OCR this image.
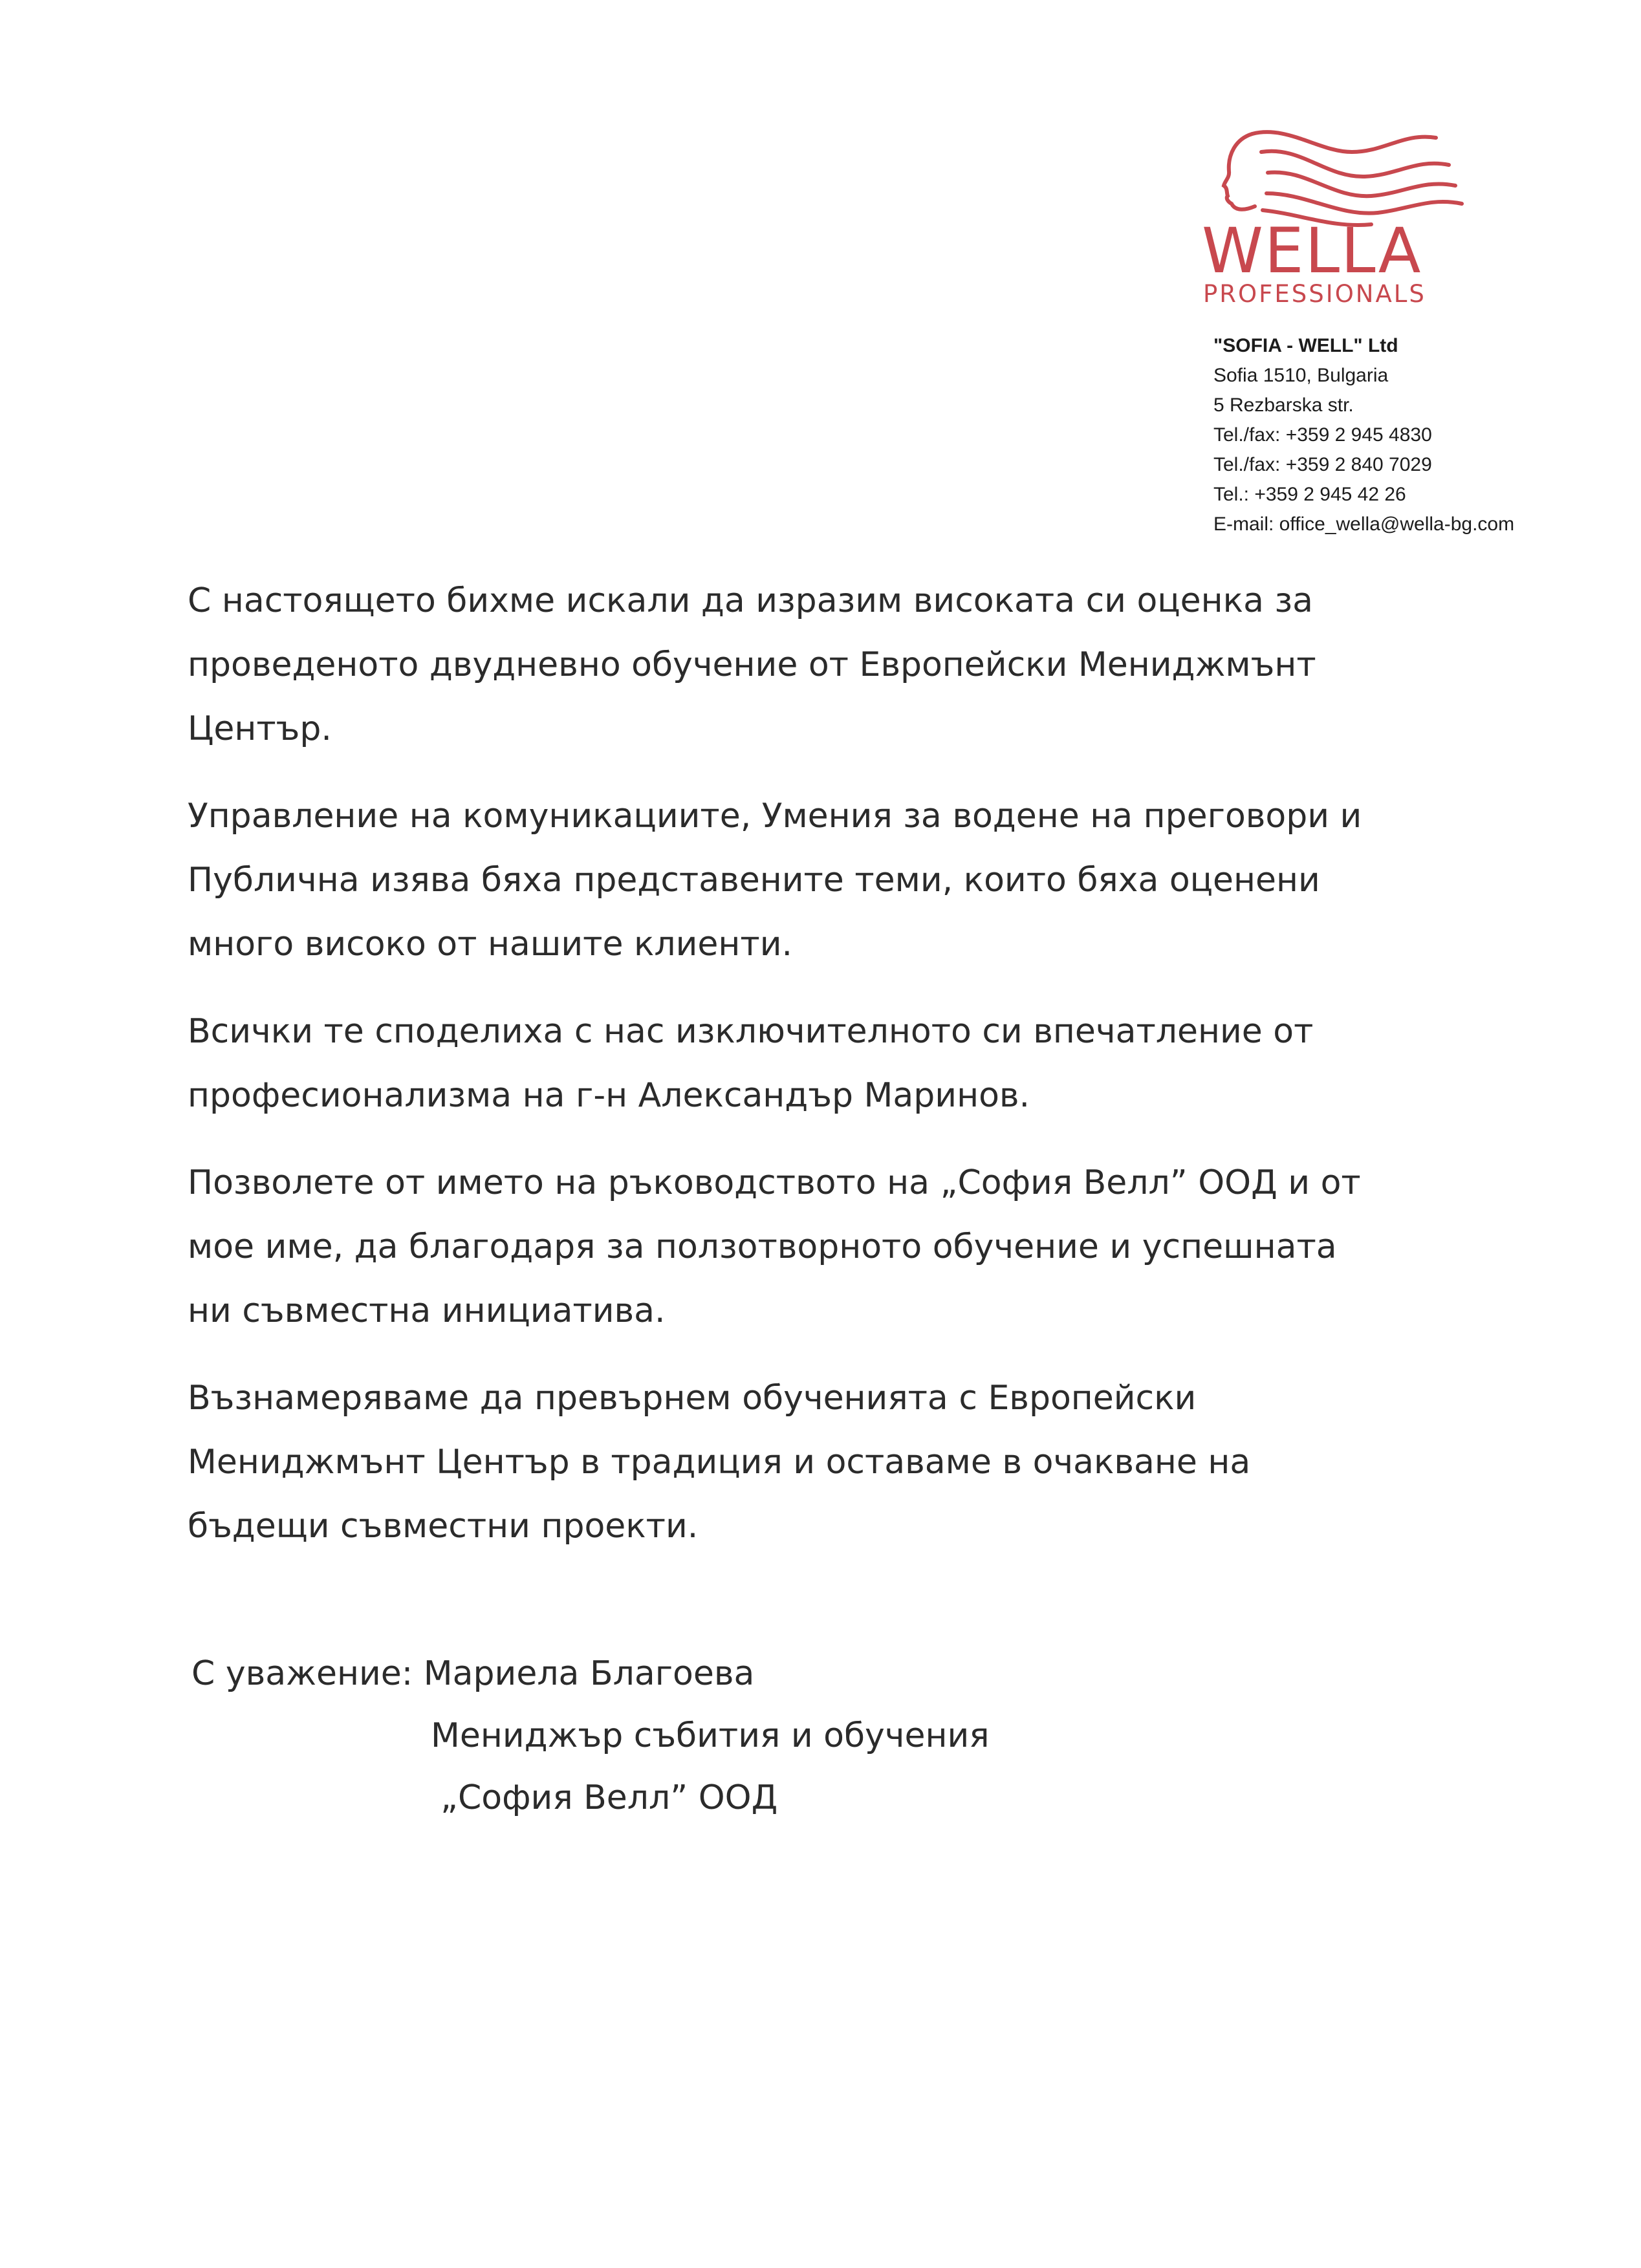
WELLA
PROFESSIONALS
"SOFIA - WELL" Ltd
Sofia 1510, Bulgaria
5 Rezbarska str.
Tel./fax: +359 2 945 4830
Tel./fax: +359 2 840 7029
Tel.: +359 2 945 42 26
E-mail: office_wella@wella-bg.com

С настоящето бихме искали да изразим високата си оценка за
проведеното двудневно обучение от Европейски Мениджмънт
Център.

Управление на комуникациите, Умения за водене на преговори и
Публична изява бяха представените теми, които бяха оценени
много високо от нашите клиенти.

Всички те споделиха с нас изключителното си впечатление от
професионализма на г-н Александър Маринов.

Позволете от името на ръководството на „София Велл” ООД и от
мое име, да благодаря за ползотворното обучение и успешната
ни съвместна инициатива.

Възнамеряваме да превърнем обученията с Европейски
Мениджмънт Център в традиция и оставаме в очакване на
бъдещи съвместни проекти.

С уважение: Мариела Благоева
Мениджър събития и обучения
„София Велл” ООД
